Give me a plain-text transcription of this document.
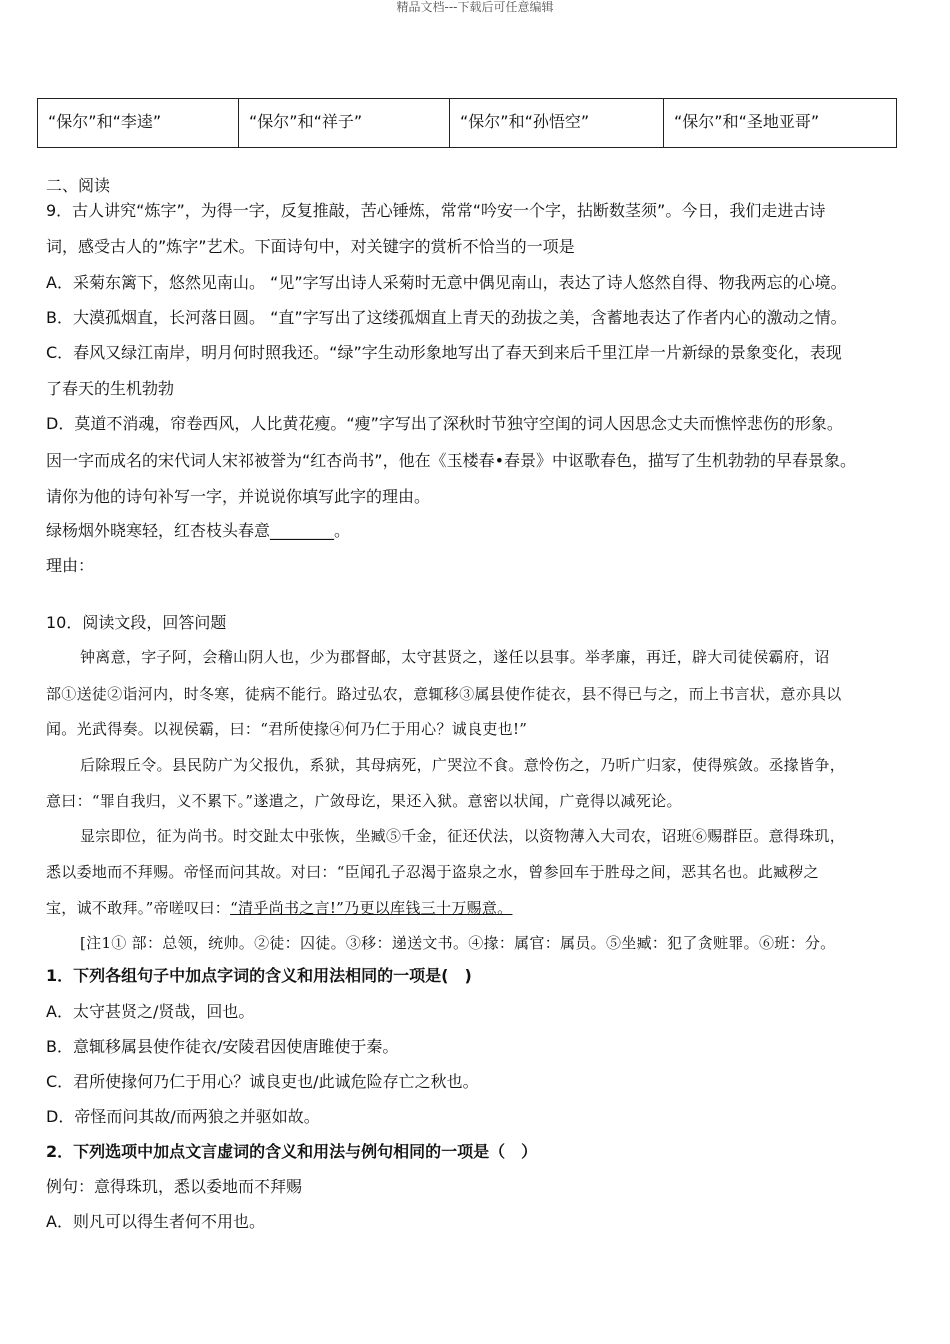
精品文档---下载后可任意编辑
“保尔”和“李逵”	“保尔”和“祥子”	“保尔”和“孙悟空”	“保尔”和“圣地亚哥”
二、阅读
9．古人讲究“炼字”，为得一字，反复推敲，苦心锤炼，常常“吟安一个字，拈断数茎须”。今日，我们走进古诗
词，感受古人的”炼字”艺术。下面诗句中，对关键字的赏析不恰当的一项是
A．采菊东篱下，悠然见南山。 “见”字写出诗人采菊时无意中偶见南山，表达了诗人悠然自得、物我两忘的心境。
B．大漠孤烟直，长河落日圆。 “直”字写出了这缕孤烟直上青天的劲拔之美，含蓄地表达了作者内心的激动之情。
C．春风又绿江南岸，明月何时照我还。“绿”字生动形象地写出了春天到来后千里江岸一片新绿的景象变化，表现
了春天的生机勃勃
D．莫道不消魂，帘卷西风，人比黄花瘦。“瘦”字写出了深秋时节独守空闺的词人因思念丈夫而憔悴悲伤的形象。
因一字而成名的宋代词人宋祁被誉为“红杏尚书”，他在《玉楼春•春景》中讴歌春色，描写了生机勃勃的早春景象。
请你为他的诗句补写一字，并说说你填写此字的理由。
绿杨烟外晓寒轻，红杏枝头春意________。
理由：
10．阅读文段，回答问题
钟离意，字子阿，会稽山阴人也，少为郡督邮，太守甚贤之，遂任以县事。举孝廉，再迁，辟大司徒侯霸府，诏
部①送徒②诣河内，时冬寒，徒病不能行。路过弘农，意辄移③属县使作徒衣，县不得已与之，而上书言状，意亦具以
闻。光武得奏。以视侯霸，曰：“君所使掾④何乃仁于用心？诚良吏也!”
后除瑕丘令。县民防广为父报仇，系狱，其母病死，广哭泣不食。意怜伤之，乃听广归家，使得殡敛。丞掾皆争，
意曰：“罪自我归，义不累下。”遂遣之，广敛母讫，果还入狱。意密以状闻，广竟得以减死论。
显宗即位，征为尚书。时交趾太中张恢，坐臧⑤千金，征还伏法，以资物薄入大司农，诏班⑥赐群臣。意得珠玑，
悉以委地而不拜赐。帝怪而问其故。对曰：“臣闻孔子忍渴于盗泉之水，曾参回车于胜母之间，恶其名也。此臧秽之
宝，诚不敢拜。”帝嗟叹曰：“清乎尚书之言!”乃更以库钱三十万赐意。
[注1① 部：总领，统帅。②徒：囚徒。③移：递送文书。④掾：属官：属员。⑤坐臧：犯了贪赃罪。⑥班：分。
1．下列各组句子中加点字词的含义和用法相同的一项是(　)
A．太守甚贤之/贤哉，回也。
B．意辄移属县使作徒衣/安陵君因使唐雎使于秦。
C．君所使掾何乃仁于用心？诚良吏也/此诚危险存亡之秋也。
D．帝怪而问其故/而两狼之并驱如故。
2．下列选项中加点文言虚词的含义和用法与例句相同的一项是（　）
例句：意得珠玑，悉以委地而不拜赐
A．则凡可以得生者何不用也。
